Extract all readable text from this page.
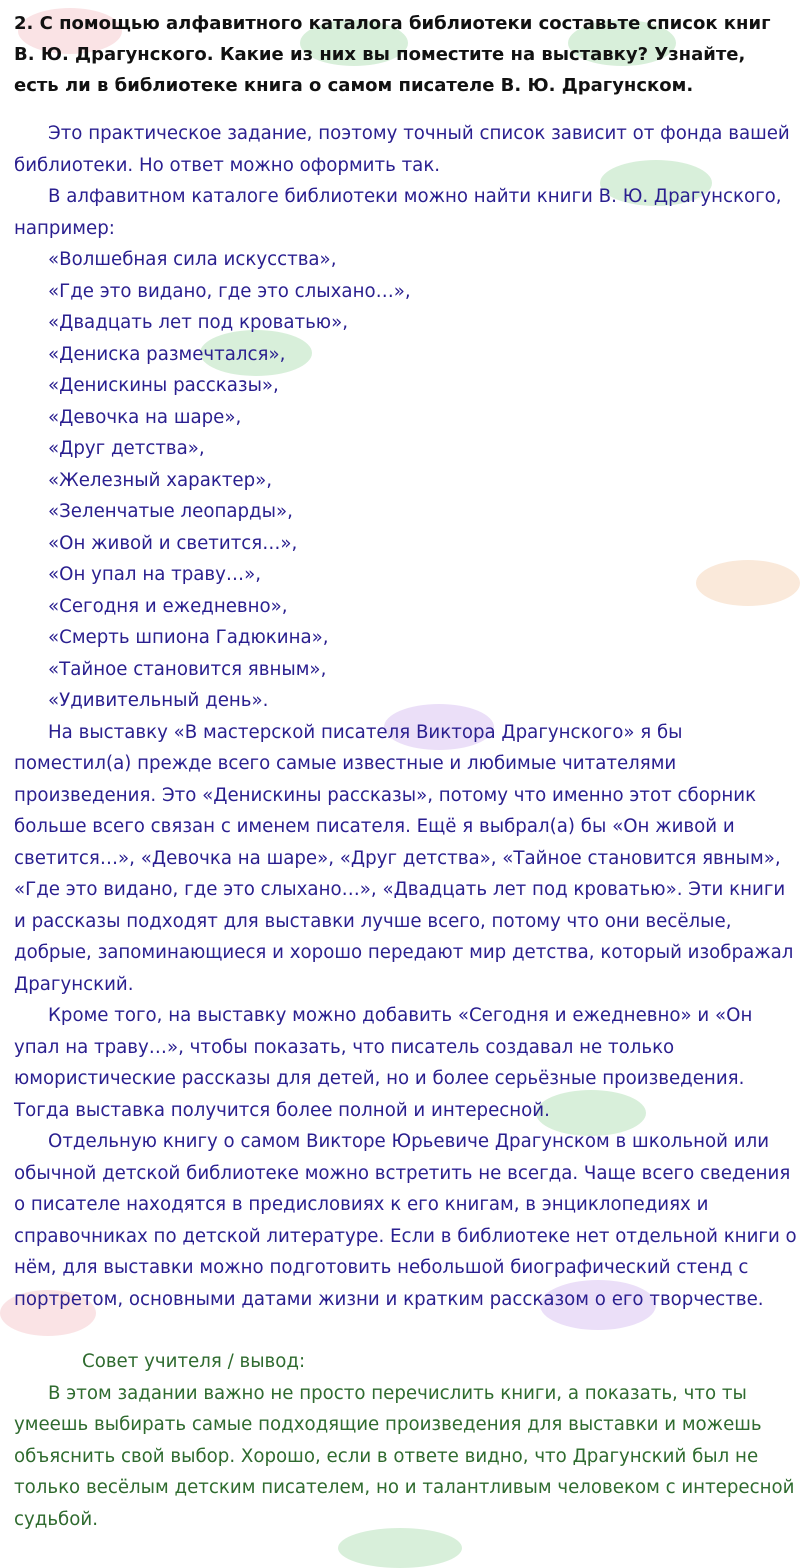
2. С помощью алфавитного каталога библиотеки составьте список книг В. Ю. Драгунского. Какие из них вы поместите на выставку? Узнайте, есть ли в библиотеке книга о самом писателе В. Ю. Драгунском.

Это практическое задание, поэтому точный список зависит от фонда вашей библиотеки. Но ответ можно оформить так.

В алфавитном каталоге библиотеки можно найти книги В. Ю. Драгунского, например:

«Волшебная сила искусства»,
«Где это видано, где это слыхано…»,
«Двадцать лет под кроватью»,
«Дениска размечтался»,
«Денискины рассказы»,
«Девочка на шаре»,
«Друг детства»,
«Железный характер»,
«Зеленчатые леопарды»,
«Он живой и светится…»,
«Он упал на траву…»,
«Сегодня и ежедневно»,
«Смерть шпиона Гадюкина»,
«Тайное становится явным»,
«Удивительный день».

На выставку «В мастерской писателя Виктора Драгунского» я бы поместил(а) прежде всего самые известные и любимые читателями произведения. Это «Денискины рассказы», потому что именно этот сборник больше всего связан с именем писателя. Ещё я выбрал(а) бы «Он живой и светится…», «Девочка на шаре», «Друг детства», «Тайное становится явным», «Где это видано, где это слыхано…», «Двадцать лет под кроватью». Эти книги и рассказы подходят для выставки лучше всего, потому что они весёлые, добрые, запоминающиеся и хорошо передают мир детства, который изображал Драгунский.

Кроме того, на выставку можно добавить «Сегодня и ежедневно» и «Он упал на траву…», чтобы показать, что писатель создавал не только юмористические рассказы для детей, но и более серьёзные произведения. Тогда выставка получится более полной и интересной.

Отдельную книгу о самом Викторе Юрьевиче Драгунском в школьной или обычной детской библиотеке можно встретить не всегда. Чаще всего сведения о писателе находятся в предисловиях к его книгам, в энциклопедиях и справочниках по детской литературе. Если в библиотеке нет отдельной книги о нём, для выставки можно подготовить небольшой биографический стенд с портретом, основными датами жизни и кратким рассказом о его творчестве.

Совет учителя / вывод:

В этом задании важно не просто перечислить книги, а показать, что ты умеешь выбирать самые подходящие произведения для выставки и можешь объяснить свой выбор. Хорошо, если в ответе видно, что Драгунский был не только весёлым детским писателем, но и талантливым человеком с интересной судьбой.
